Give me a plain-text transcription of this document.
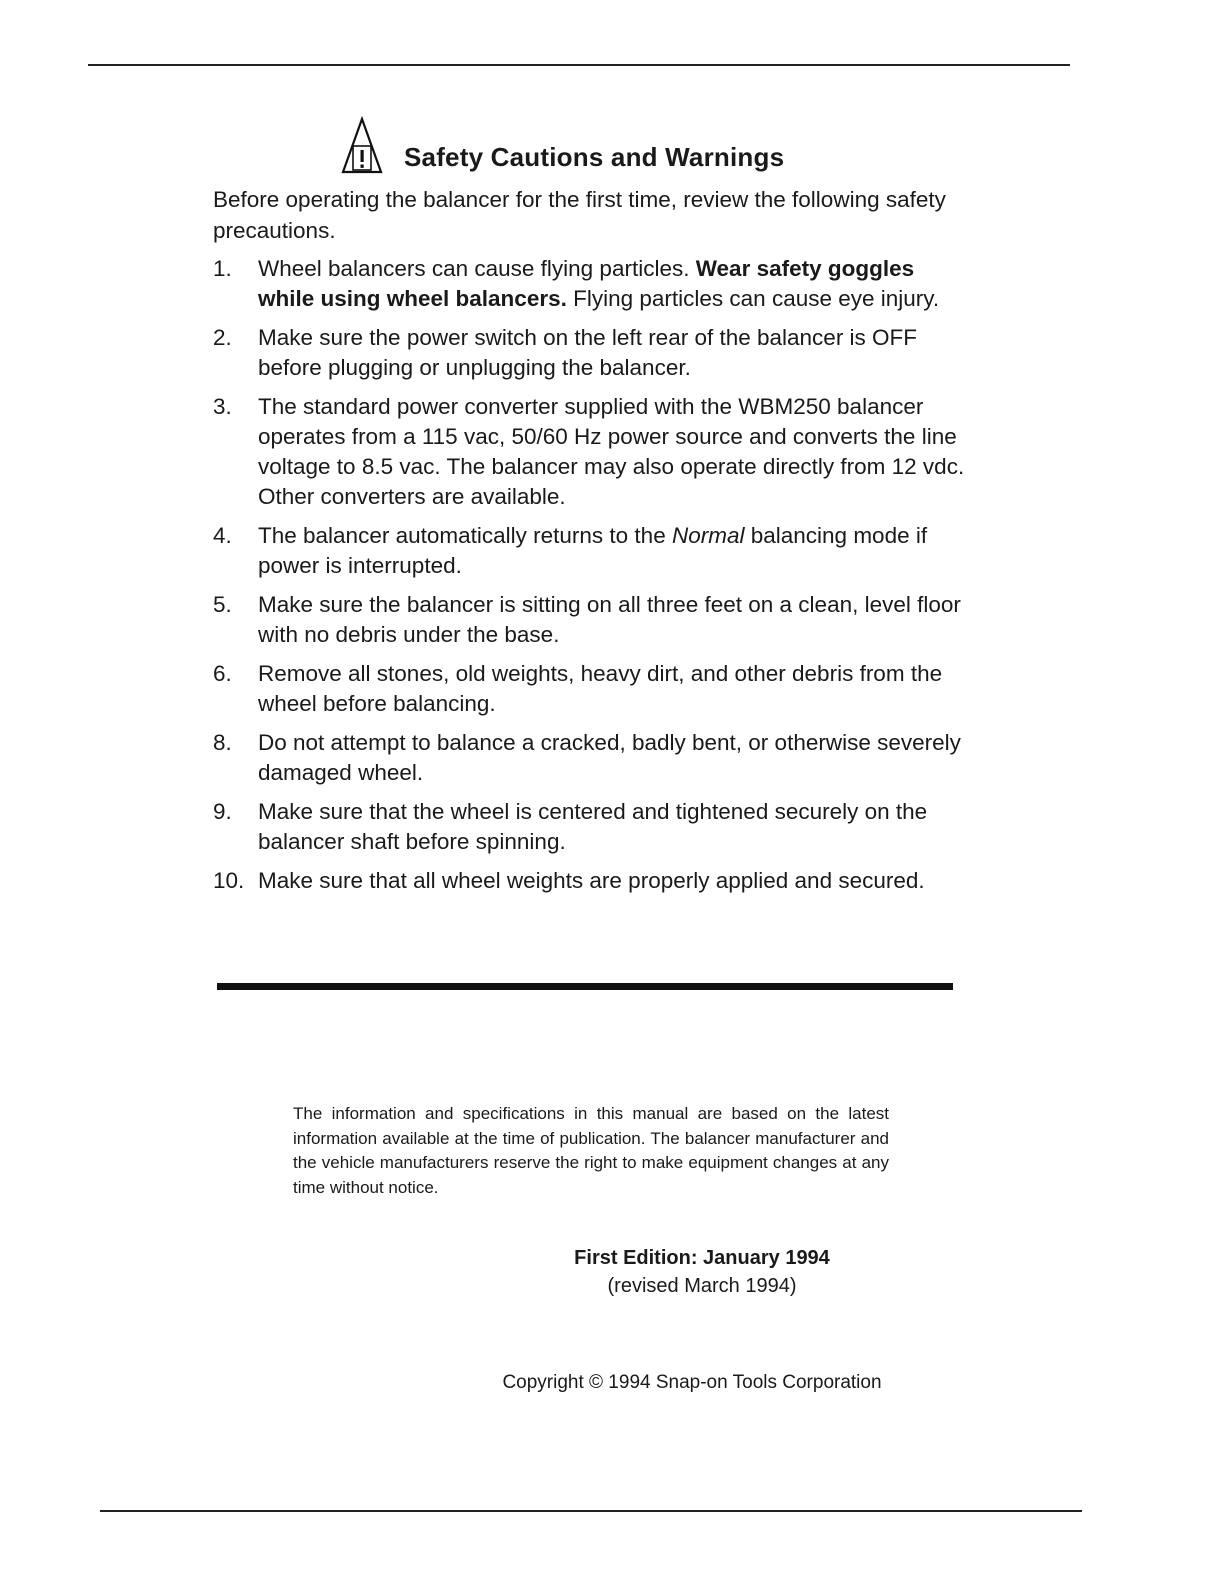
Safety Cautions and Warnings
Before operating the balancer for the first time, review the following safety precautions.
1.	Wheel balancers can cause flying particles. Wear safety goggles while using wheel balancers. Flying particles can cause eye injury.
2.	Make sure the power switch on the left rear of the balancer is OFF before plugging or unplugging the balancer.
3.	The standard power converter supplied with the WBM250 balancer operates from a 115 vac, 50/60 Hz power source and converts the line voltage to 8.5 vac. The balancer may also operate directly from 12 vdc. Other converters are available.
4.	The balancer automatically returns to the Normal balancing mode if power is interrupted.
5.	Make sure the balancer is sitting on all three feet on a clean, level floor with no debris under the base.
6.	Remove all stones, old weights, heavy dirt, and other debris from the wheel before balancing.
8.	Do not attempt to balance a cracked, badly bent, or otherwise severely damaged wheel.
9.	Make sure that the wheel is centered and tightened securely on the balancer shaft before spinning.
10. Make sure that all wheel weights are properly applied and secured.
The information and specifications in this manual are based on the latest information available at the time of publication. The balancer manufacturer and the vehicle manufacturers reserve the right to make equipment changes at any time without notice.
First Edition: January 1994
(revised March 1994)
Copyright © 1994 Snap-on Tools Corporation
